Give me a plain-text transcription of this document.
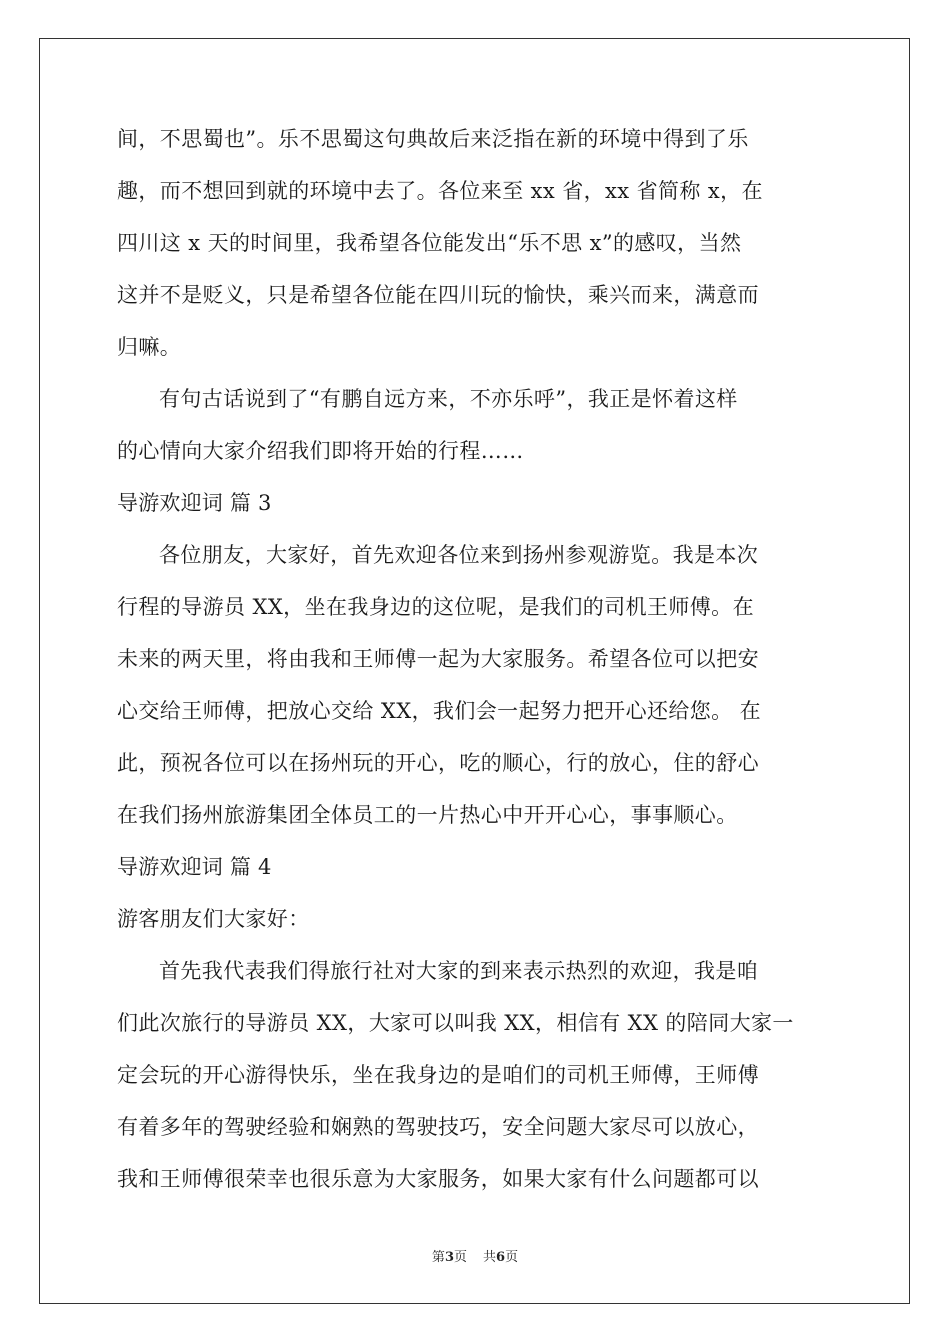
间，不思蜀也”。乐不思蜀这句典故后来泛指在新的环境中得到了乐
趣，而不想回到就的环境中去了。各位来至 xx 省，xx 省简称 x，在
四川这 x 天的时间里，我希望各位能发出“乐不思 x”的感叹，当然
这并不是贬义，只是希望各位能在四川玩的愉快，乘兴而来，满意而
归嘛。
有句古话说到了“有鹏自远方来，不亦乐呼”，我正是怀着这样
的心情向大家介绍我们即将开始的行程……
导游欢迎词 篇 3
各位朋友，大家好，首先欢迎各位来到扬州参观游览。我是本次
行程的导游员 XX，坐在我身边的这位呢，是我们的司机王师傅。在
未来的两天里，将由我和王师傅一起为大家服务。希望各位可以把安
心交给王师傅，把放心交给 XX，我们会一起努力把开心还给您。 在
此，预祝各位可以在扬州玩的开心，吃的顺心，行的放心，住的舒心
在我们扬州旅游集团全体员工的一片热心中开开心心，事事顺心。
导游欢迎词 篇 4
游客朋友们大家好：
首先我代表我们得旅行社对大家的到来表示热烈的欢迎，我是咱
们此次旅行的导游员 XX，大家可以叫我 XX，相信有 XX 的陪同大家一
定会玩的开心游得快乐，坐在我身边的是咱们的司机王师傅，王师傅
有着多年的驾驶经验和娴熟的驾驶技巧，安全问题大家尽可以放心，
我和王师傅很荣幸也很乐意为大家服务，如果大家有什么问题都可以
第3页 共6页
